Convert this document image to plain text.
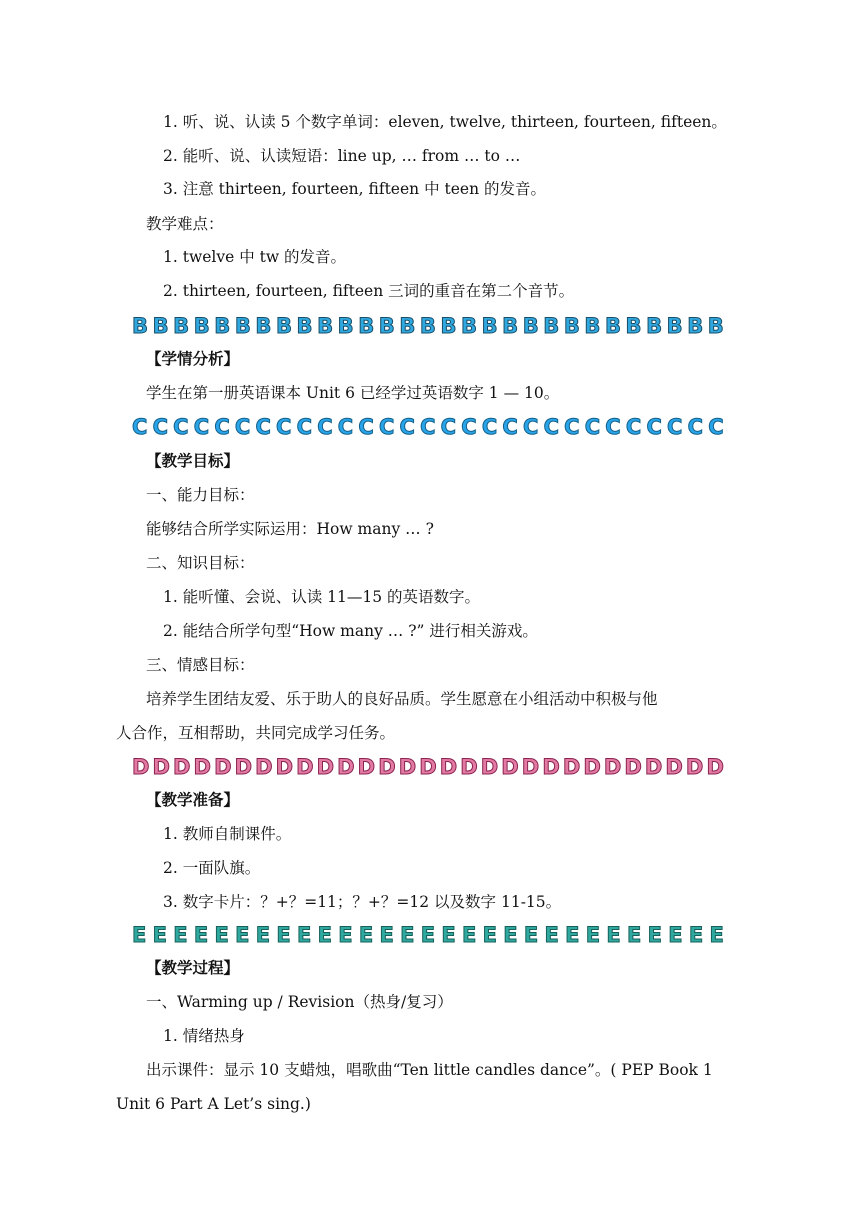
1. 听、说、认读 5 个数字单词：eleven, twelve, thirteen, fourteen, fifteen。
2. 能听、说、认读短语：line up, … from … to …
3. 注意 thirteen, fourteen, fifteen 中 teen 的发音。
教学难点：
1. twelve 中 tw 的发音。
2. thirteen, fourteen, fifteen 三词的重音在第二个音节。
B B B B B B B B B B B B B B B B B B B B B B B B B B B B B
【学情分析】
学生在第一册英语课本 Unit 6 已经学过英语数字 1 — 10。
C C C C C C C C C C C C C C C C C C C C C C C C C C C C C
【教学目标】
一、能力目标：
能够结合所学实际运用：How many … ?
二、知识目标：
1. 能听懂、会说、认读 11—15 的英语数字。
2. 能结合所学句型“How many … ?” 进行相关游戏。
三、情感目标：
培养学生团结友爱、乐于助人的良好品质。学生愿意在小组活动中积极与他
人合作，互相帮助，共同完成学习任务。
D D D D D D D D D D D D D D D D D D D D D D D D D D D D D
【教学准备】
1. 教师自制课件。
2. 一面队旗。
3. 数字卡片：？+？=11；？+？=12 以及数字 11-15。
E E E E E E E E E E E E E E E E E E E E E E E E E E E E E
【教学过程】
一、Warming up / Revision（热身/复习）
1. 情绪热身
出示课件：显示 10 支蜡烛，唱歌曲“Ten little candles dance”。( PEP Book 1
Unit 6 Part A Let’s sing.)
